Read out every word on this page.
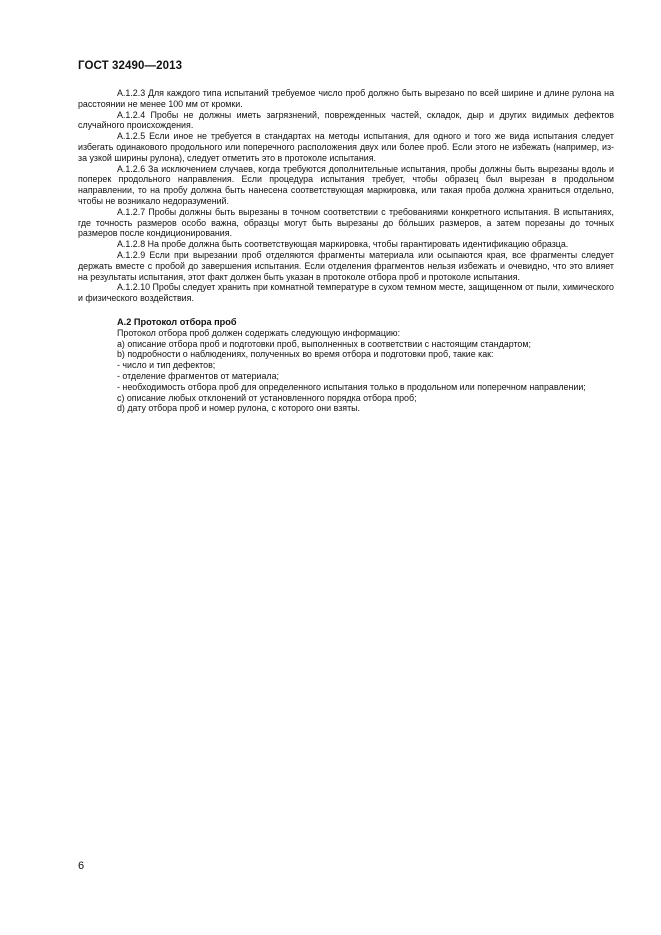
ГОСТ 32490—2013

А.1.2.3 Для каждого типа испытаний требуемое число проб должно быть вырезано по всей ширине и длине рулона на расстоянии не менее 100 мм от кромки.

А.1.2.4 Пробы не должны иметь загрязнений, поврежденных частей, складок, дыр и других видимых дефектов случайного происхождения.

А.1.2.5 Если иное не требуется в стандартах на методы испытания, для одного и того же вида испытания следует избегать одинакового продольного или поперечного расположения двух или более проб. Если этого не избежать (например, из-за узкой ширины рулона), следует отметить это в протоколе испытания.

А.1.2.6 За исключением случаев, когда требуются дополнительные испытания, пробы должны быть вырезаны вдоль и поперек продольного направления. Если процедура испытания требует, чтобы образец был вырезан в продольном направлении, то на пробу должна быть нанесена соответствующая маркировка, или такая проба должна храниться отдельно, чтобы не возникало недоразумений.

А.1.2.7 Пробы должны быть вырезаны в точном соответствии с требованиями конкретного испытания. В испытаниях, где точность размеров особо важна, образцы могут быть вырезаны до бóльших размеров, а затем порезаны до точных размеров после кондиционирования.

А.1.2.8 На пробе должна быть соответствующая маркировка, чтобы гарантировать идентификацию образца.

А.1.2.9 Если при вырезании проб отделяются фрагменты материала или осыпаются края, все фрагменты следует держать вместе с пробой до завершения испытания. Если отделения фрагментов нельзя избежать и очевидно, что это влияет на результаты испытания, этот факт должен быть указан в протоколе отбора проб и протоколе испытания.

А.1.2.10 Пробы следует хранить при комнатной температуре в сухом темном месте, защищенном от пыли, химического и физического воздействия.

А.2 Протокол отбора проб

Протокол отбора проб должен содержать следующую информацию:

a) описание отбора проб и подготовки проб, выполненных в соответствии с настоящим стандартом;

b) подробности о наблюдениях, полученных во время отбора и подготовки проб, такие как:

- число и тип дефектов;

- отделение фрагментов от материала;

- необходимость отбора проб для определенного испытания только в продольном или поперечном направлении;

c) описание любых отклонений от установленного порядка отбора проб;

d) дату отбора проб и номер рулона, с которого они взяты.

6
